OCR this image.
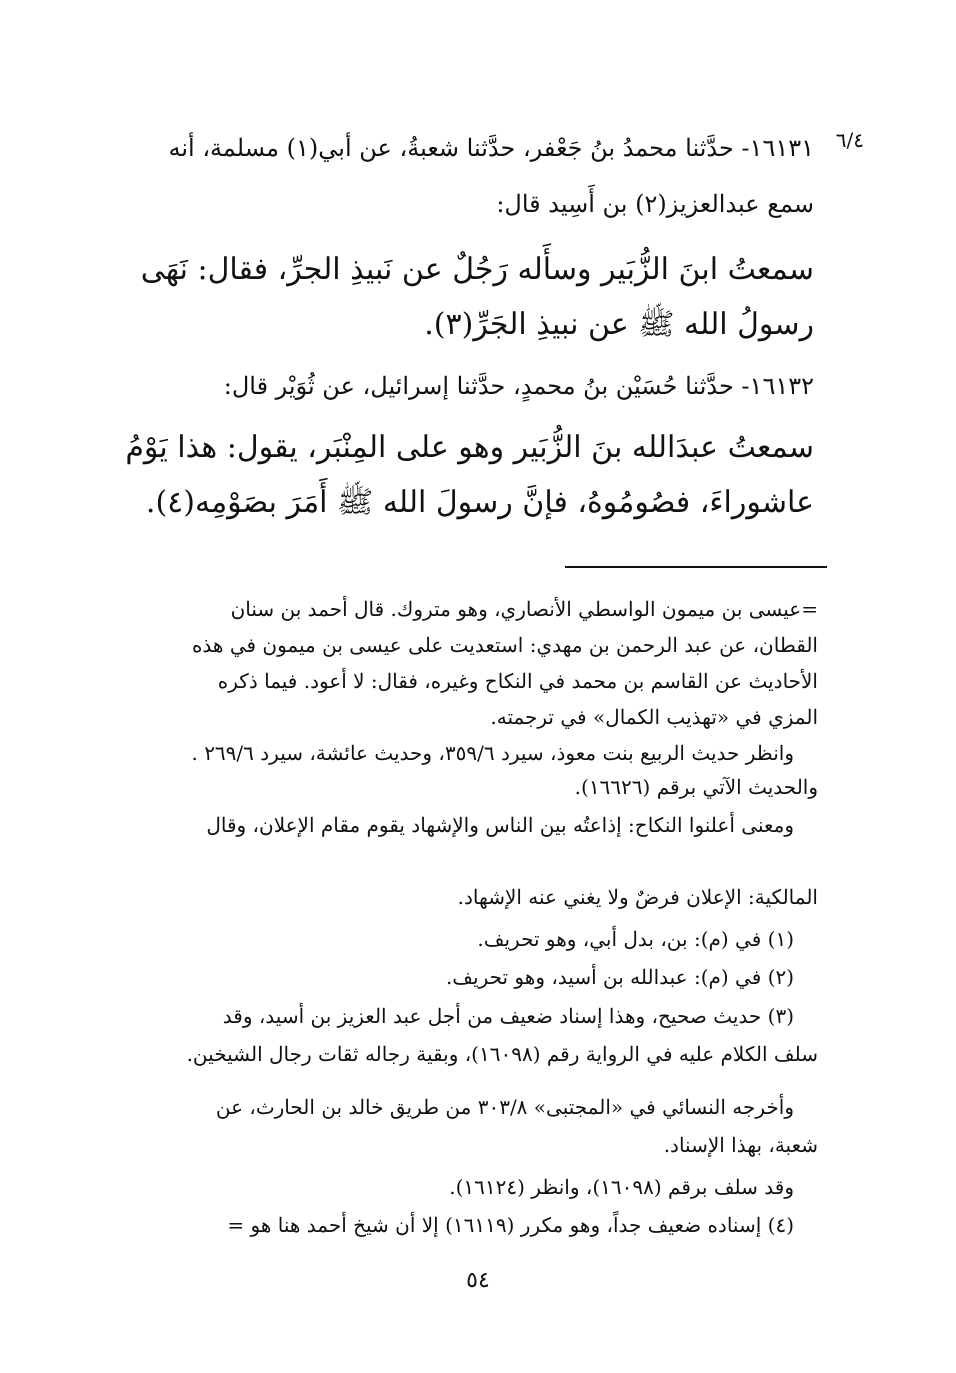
٦/٤
١٦١٣١- حدَّثنا محمدُ بنُ جَعْفر، حدَّثنا شعبةُ، عن أبي(١) مسلمة، أنه
سمع عبدالعزيز(٢) بن أَسِيد قال:
سمعتُ ابنَ الزُّبَير وسأَله رَجُلٌ عن نَبيذِ الجرِّ، فقال: نَهَى
رسولُ الله ﷺ عن نبيذِ الجَرِّ(٣).
١٦١٣٢- حدَّثنا حُسَيْن بنُ محمدٍ، حدَّثنا إسرائيل، عن ثُوَيْر قال:
سمعتُ عبدَالله بنَ الزُّبَير وهو على المِنْبَر، يقول: هذا يَوْمُ
عاشوراءَ، فصُومُوهُ، فإنَّ رسولَ الله ﷺ أَمَرَ بصَوْمِه(٤).
=عيسى بن ميمون الواسطي الأنصاري، وهو متروك. قال أحمد بن سنان
القطان، عن عبد الرحمن بن مهدي: استعديت على عيسى بن ميمون في هذه
الأحاديث عن القاسم بن محمد في النكاح وغيره، فقال: لا أعود. فيما ذكره
المزي في «تهذيب الكمال» في ترجمته.
وانظر حديث الربيع بنت معوذ، سيرد ٣٥٩/٦، وحديث عائشة، سيرد ٢٦٩/٦ .
والحديث الآتي برقم (١٦٦٢٦).
ومعنى أعلنوا النكاح: إذاعتُه بين الناس والإشهاد يقوم مقام الإعلان، وقال
المالكية: الإعلان فرضٌ ولا يغني عنه الإشهاد.
(١) في (م): بن، بدل أبي، وهو تحريف.
(٢) في (م): عبدالله بن أسيد، وهو تحريف.
(٣) حديث صحيح، وهذا إسناد ضعيف من أجل عبد العزيز بن أسيد، وقد
سلف الكلام عليه في الرواية رقم (١٦٠٩٨)، وبقية رجاله ثقات رجال الشيخين.
وأخرجه النسائي في «المجتبى» ٣٠٣/٨ من طريق خالد بن الحارث، عن
شعبة، بهذا الإسناد.
وقد سلف برقم (١٦٠٩٨)، وانظر (١٦١٢٤).
(٤) إسناده ضعيف جداً، وهو مكرر (١٦١١٩) إلا أن شيخ أحمد هنا هو =
٥٤
